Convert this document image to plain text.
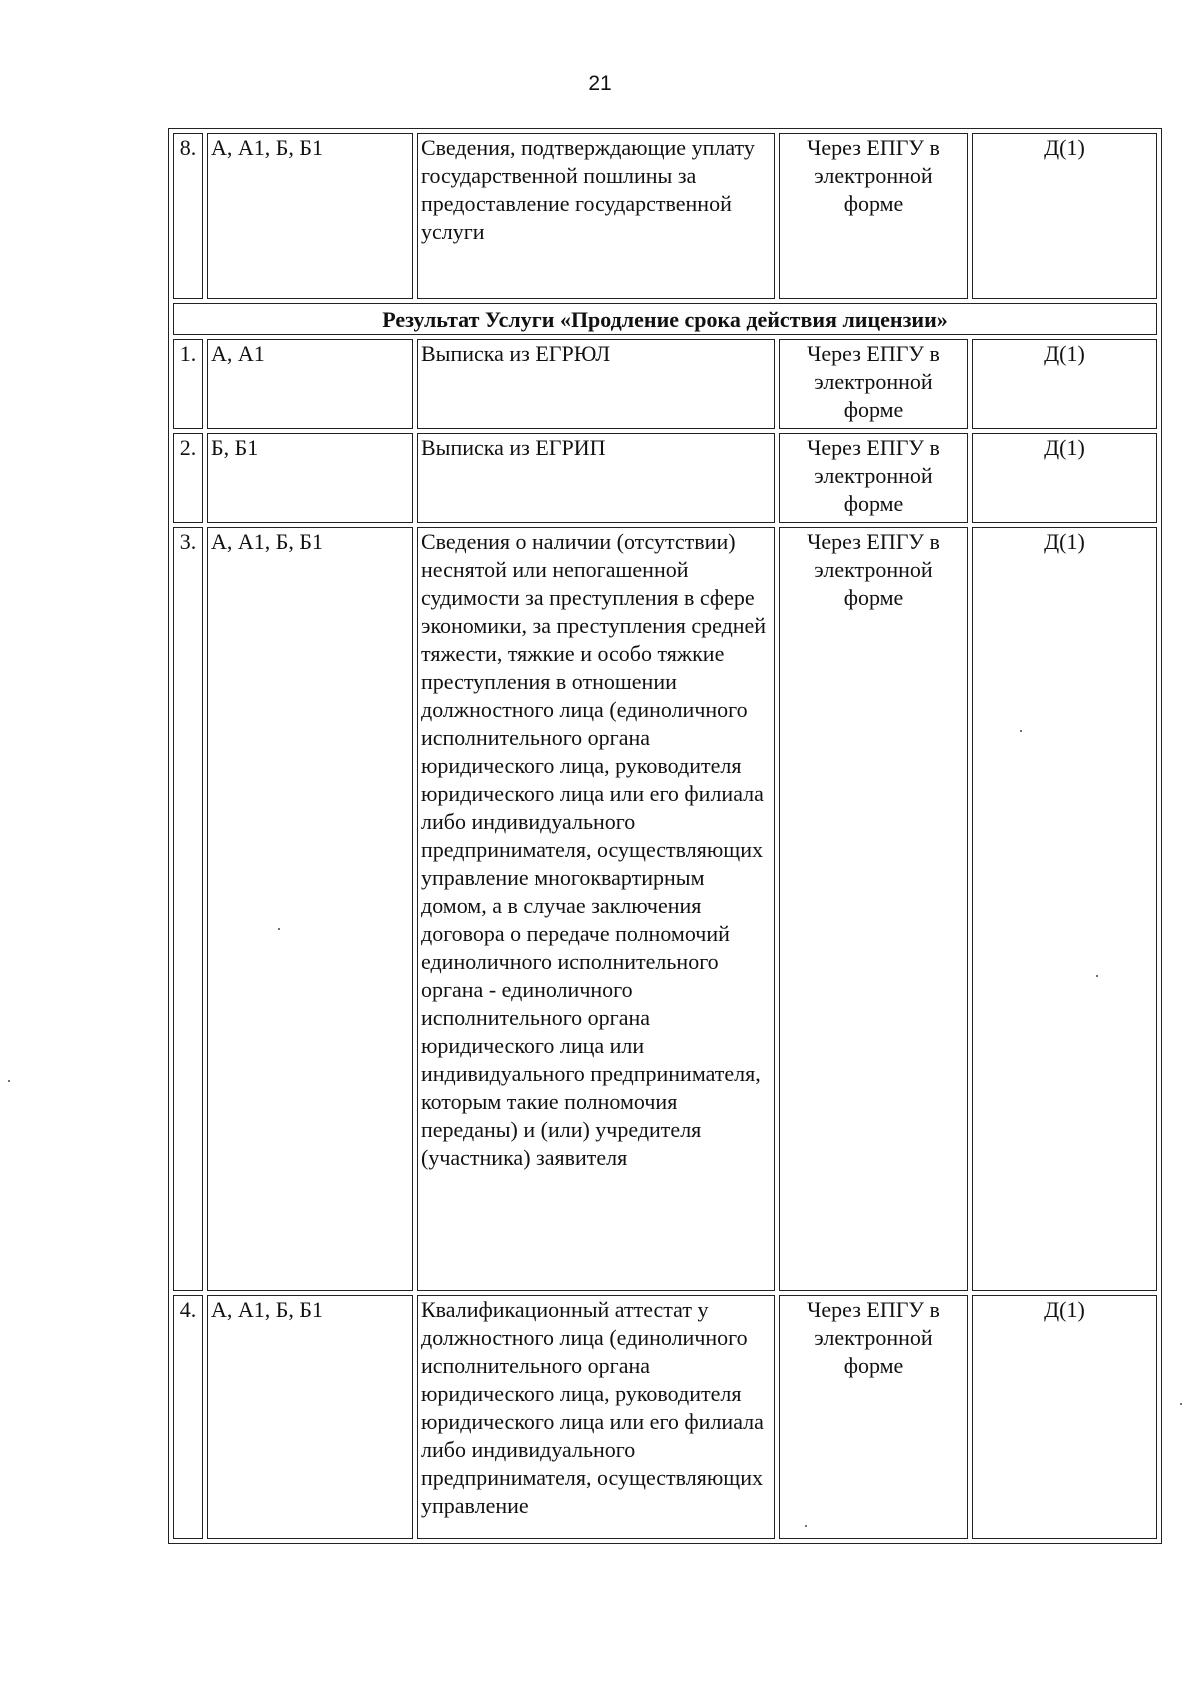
21
8.	А, А1, Б, Б1	Сведения, подтверждающие уплату государственной пошлины за предоставление государственной услуги	Через ЕПГУ в электронной форме	Д(1)
Результат Услуги «Продление срока действия лицензии»				
1.	А, А1	Выписка из ЕГРЮЛ	Через ЕПГУ в электронной форме	Д(1)
2.	Б, Б1	Выписка из ЕГРИП	Через ЕПГУ в электронной форме	Д(1)
3.	А, А1, Б, Б1	Сведения о наличии (отсутствии) неснятой или непогашенной судимости за преступления в сфере экономики, за преступления средней тяжести, тяжкие и особо тяжкие преступления в отношении должностного лица (единоличного исполнительного органа юридического лица, руководителя юридического лица или его филиала либо индивидуального предпринимателя, осуществляющих управление многоквартирным домом, а в случае заключения договора о передаче полномочий единоличного исполнительного органа - единоличного исполнительного органа юридического лица или индивидуального предпринимателя, которым такие полномочия переданы) и (или) учредителя (участника) заявителя	Через ЕПГУ в электронной форме	Д(1)
4.	А, А1, Б, Б1	Квалификационный аттестат у должностного лица (единоличного исполнительного органа юридического лица, руководителя юридического лица или его филиала либо индивидуального предпринимателя, осуществляющих управление	Через ЕПГУ в электронной форме	Д(1)
